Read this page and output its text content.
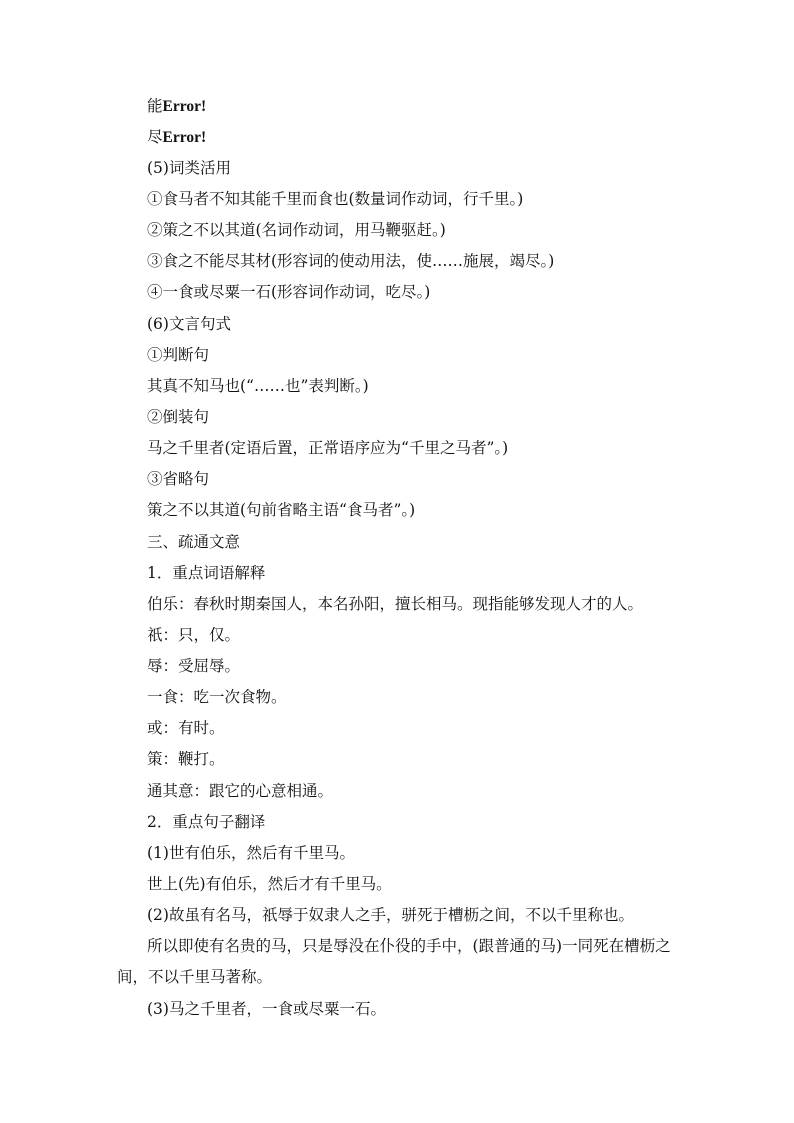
能Error!
尽Error!
(5)词类活用
①食马者不知其能千里而食也(数量词作动词，行千里。)
②策之不以其道(名词作动词，用马鞭驱赶。)
③食之不能尽其材(形容词的使动用法，使……施展，竭尽。)
④一食或尽粟一石(形容词作动词，吃尽。)
(6)文言句式
①判断句
其真不知马也(“……也”表判断。)
②倒装句
马之千里者(定语后置，正常语序应为“千里之马者”。)
③省略句
策之不以其道(句前省略主语“食马者”。)
三、疏通文意
1．重点词语解释
伯乐：春秋时期秦国人，本名孙阳，擅长相马。现指能够发现人才的人。
祇：只，仅。
辱：受屈辱。
一食：吃一次食物。
或：有时。
策：鞭打。
通其意：跟它的心意相通。
2．重点句子翻译
(1)世有伯乐，然后有千里马。
世上(先)有伯乐，然后才有千里马。
(2)故虽有名马，祇辱于奴隶人之手，骈死于槽枥之间，不以千里称也。
所以即使有名贵的马，只是辱没在仆役的手中，(跟普通的马)一同死在槽枥之间，不以千里马著称。
(3)马之千里者，一食或尽粟一石。
